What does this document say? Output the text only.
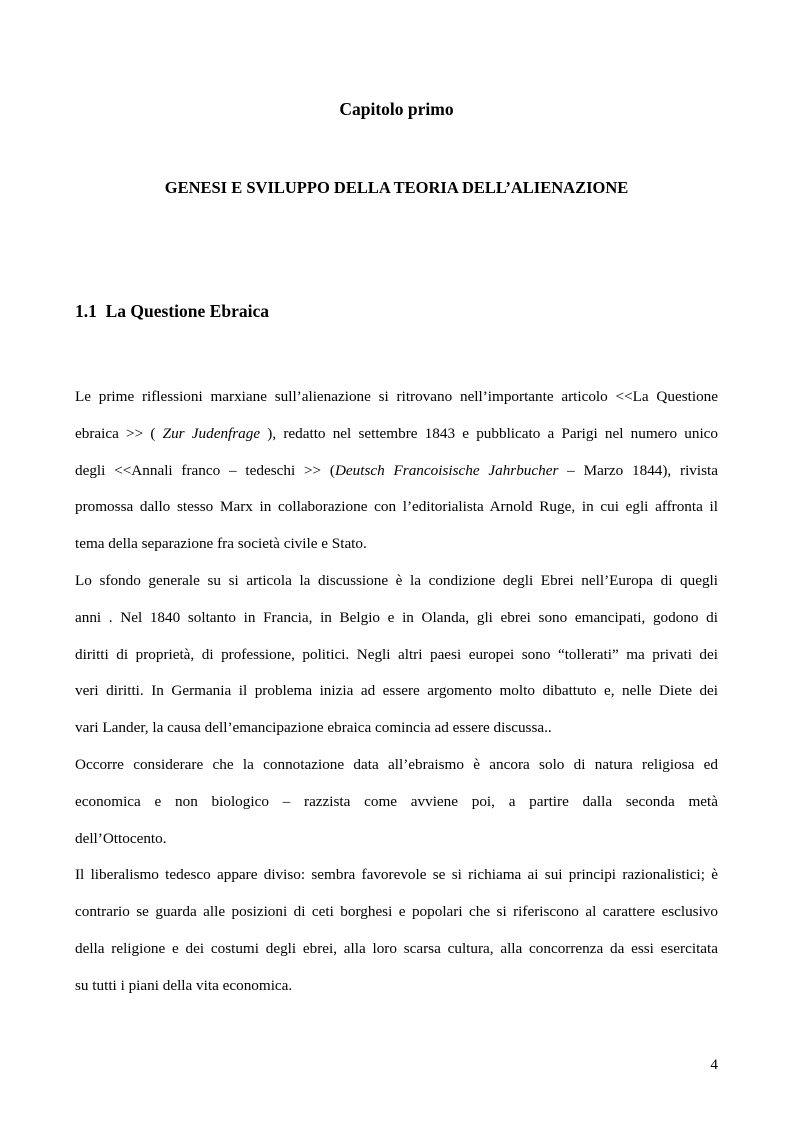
Capitolo primo
GENESI E SVILUPPO DELLA TEORIA DELL’ALIENAZIONE
1.1 La Questione Ebraica
Le prime riflessioni marxiane sull’alienazione si ritrovano nell’importante articolo <<La Questione
ebraica >> ( Zur Judenfrage ), redatto nel settembre 1843 e pubblicato a Parigi nel numero unico
degli <<Annali franco – tedeschi >> (Deutsch Francoisische Jahrbucher – Marzo 1844), rivista
promossa dallo stesso Marx in collaborazione con l’editorialista Arnold Ruge, in cui egli affronta il
tema della separazione fra società civile e Stato.
Lo sfondo generale su si articola la discussione è la condizione degli Ebrei nell’Europa di quegli
anni . Nel 1840 soltanto in Francia, in Belgio e in Olanda, gli ebrei sono emancipati, godono di
diritti di proprietà, di professione, politici. Negli altri paesi europei sono “tollerati” ma privati dei
veri diritti. In Germania il problema inizia ad essere argomento molto dibattuto e, nelle Diete dei
vari Lander, la causa dell’emancipazione ebraica comincia ad essere discussa..
Occorre considerare che la connotazione data all’ebraismo è ancora solo di natura religiosa ed
economica e non biologico – razzista come avviene poi, a partire dalla seconda metà
dell’Ottocento.
Il liberalismo tedesco appare diviso: sembra favorevole se si richiama ai sui principi razionalistici; è
contrario se guarda alle posizioni di ceti borghesi e popolari che si riferiscono al carattere esclusivo
della religione e dei costumi degli ebrei, alla loro scarsa cultura, alla concorrenza da essi esercitata
su tutti i piani della vita economica.
4
